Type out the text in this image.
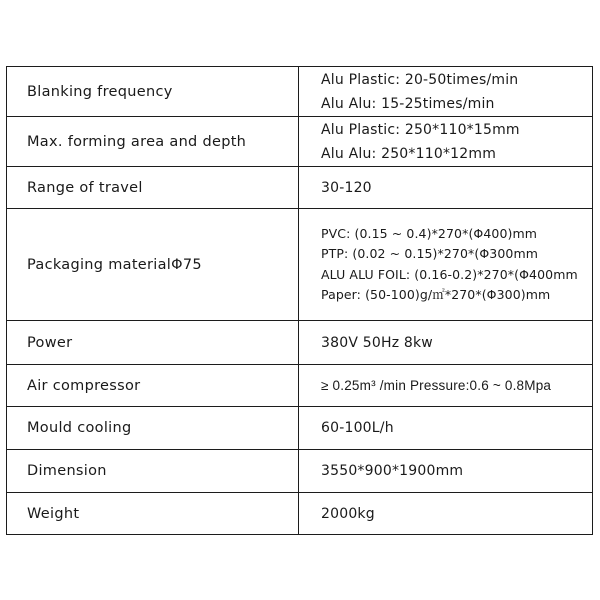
Blanking frequency	Alu Plastic: 20-50times/min
Alu Alu: 15-25times/min

Max. forming area and depth	Alu Plastic: 250*110*15mm
Alu Alu: 250*110*12mm

Range of travel	30-120

Packaging materialΦ75	PVC: (0.15 ~ 0.4)*270*(Φ400)mm
PTP: (0.02 ~ 0.15)*270*(Φ300mm
ALU ALU FOIL: (0.16-0.2)*270*(Φ400mm
Paper: (50-100)g/㎡*270*(Φ300)mm

Power	380V 50Hz 8kw

Air compressor	≥ 0.25m³ /min Pressure:0.6 ~ 0.8Mpa

Mould cooling	60-100L/h

Dimension	3550*900*1900mm

Weight	2000kg
